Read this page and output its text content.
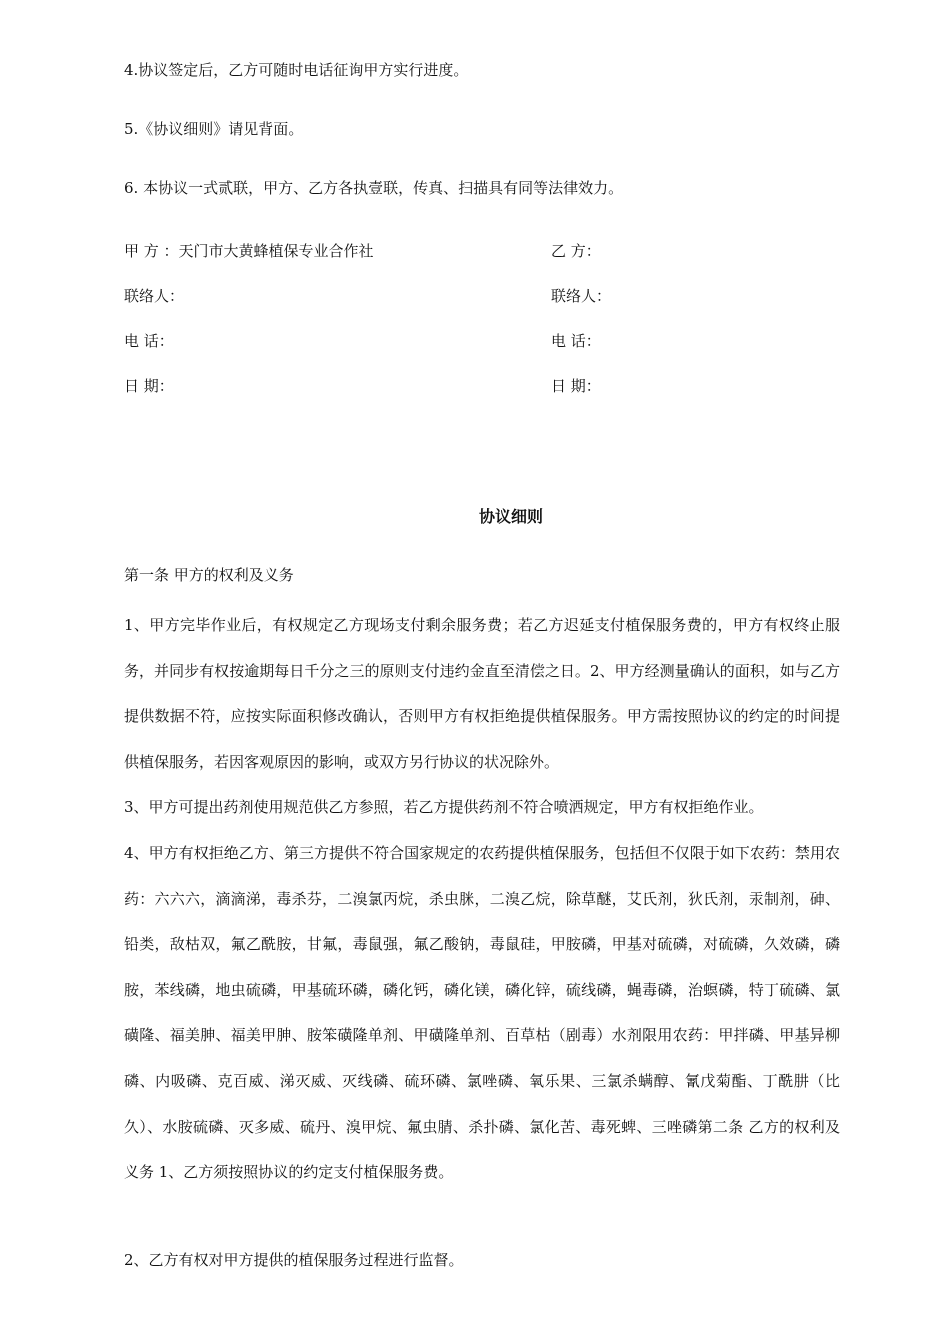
4.协议签定后，乙方可随时电话征询甲方实行进度。
5.《协议细则》请见背面。
6. 本协议一式贰联，甲方、乙方各执壹联，传真、扫描具有同等法律效力。
甲 方 ：天门市大黄蜂植保专业合作社	乙 方：
联络人：	联络人：
电 话：	电 话：
日 期：	日 期：
协议细则
第一条 甲方的权利及义务
1、甲方完毕作业后，有权规定乙方现场支付剩余服务费；若乙方迟延支付植保服务费的，甲方有权终止服务，并同步有权按逾期每日千分之三的原则支付违约金直至清偿之日。2、甲方经测量确认的面积，如与乙方提供数据不符，应按实际面积修改确认，否则甲方有权拒绝提供植保服务。甲方需按照协议的约定的时间提供植保服务，若因客观原因的影响，或双方另行协议的状况除外。
3、甲方可提出药剂使用规范供乙方参照，若乙方提供药剂不符合喷洒规定，甲方有权拒绝作业。
4、甲方有权拒绝乙方、第三方提供不符合国家规定的农药提供植保服务，包括但不仅限于如下农药：禁用农药：六六六，滴滴涕，毒杀芬，二溴氯丙烷，杀虫脒，二溴乙烷，除草醚，艾氏剂，狄氏剂，汞制剂，砷、铅类，敌枯双，氟乙酰胺，甘氟，毒鼠强，氟乙酸钠，毒鼠硅，甲胺磷，甲基对硫磷，对硫磷，久效磷，磷胺，苯线磷，地虫硫磷，甲基硫环磷，磷化钙，磷化镁，磷化锌，硫线磷，蝇毒磷，治螟磷，特丁硫磷、氯磺隆、福美胂、福美甲胂、胺笨磺隆单剂、甲磺隆单剂、百草枯（剧毒）水剂限用农药：甲拌磷、甲基异柳磷、内吸磷、克百威、涕灭威、灭线磷、硫环磷、氯唑磷、氧乐果、三氯杀螨醇、氰戊菊酯、丁酰肼（比久）、水胺硫磷、灭多威、硫丹、溴甲烷、氟虫腈、杀扑磷、氯化苦、毒死蜱、三唑磷第二条 乙方的权利及义务 1、乙方须按照协议的约定支付植保服务费。
2、乙方有权对甲方提供的植保服务过程进行监督。
